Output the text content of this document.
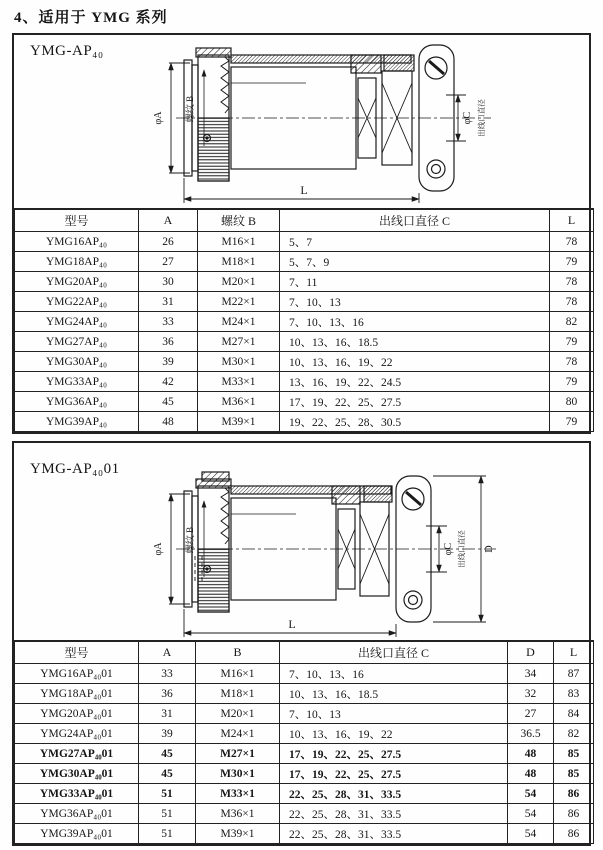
4、适用于 YMG 系列
YMG-AP₄₀
φA 螺纹 B	φC 出线口直径
L
型号	A	螺纹 B	出线口直径 C	L
YMG16AP₄₀	26	M16×1	5、7	78
YMG18AP₄₀	27	M18×1	5、7、9	79
YMG20AP₄₀	30	M20×1	7、11	78
YMG22AP₄₀	31	M22×1	7、10、13	78
YMG24AP₄₀	33	M24×1	7、10、13、16	82
YMG27AP₄₀	36	M27×1	10、13、16、18.5	79
YMG30AP₄₀	39	M30×1	10、13、16、19、22	78
YMG33AP₄₀	42	M33×1	13、16、19、22、24.5	79
YMG36AP₄₀	45	M36×1	17、19、22、25、27.5	80
YMG39AP₄₀	48	M39×1	19、22、25、28、30.5	79
YMG-AP₄₀01
φA 螺纹 B	φC 出线口直径 D
L
型号	A	B	出线口直径 C	D	L
YMG16AP₄₀01	33	M16×1	7、10、13、16	34	87
YMG18AP₄₀01	36	M18×1	10、13、16、18.5	32	83
YMG20AP₄₀01	31	M20×1	7、10、13	27	84
YMG24AP₄₀01	39	M24×1	10、13、16、19、22	36.5	82
YMG27AP₄₀01	45	M27×1	17、19、22、25、27.5	48	85
YMG30AP₄₀01	45	M30×1	17、19、22、25、27.5	48	85
YMG33AP₄₀01	51	M33×1	22、25、28、31、33.5	54	86
YMG36AP₄₀01	51	M36×1	22、25、28、31、33.5	54	86
YMG39AP₄₀01	51	M39×1	22、25、28、31、33.5	54	86
